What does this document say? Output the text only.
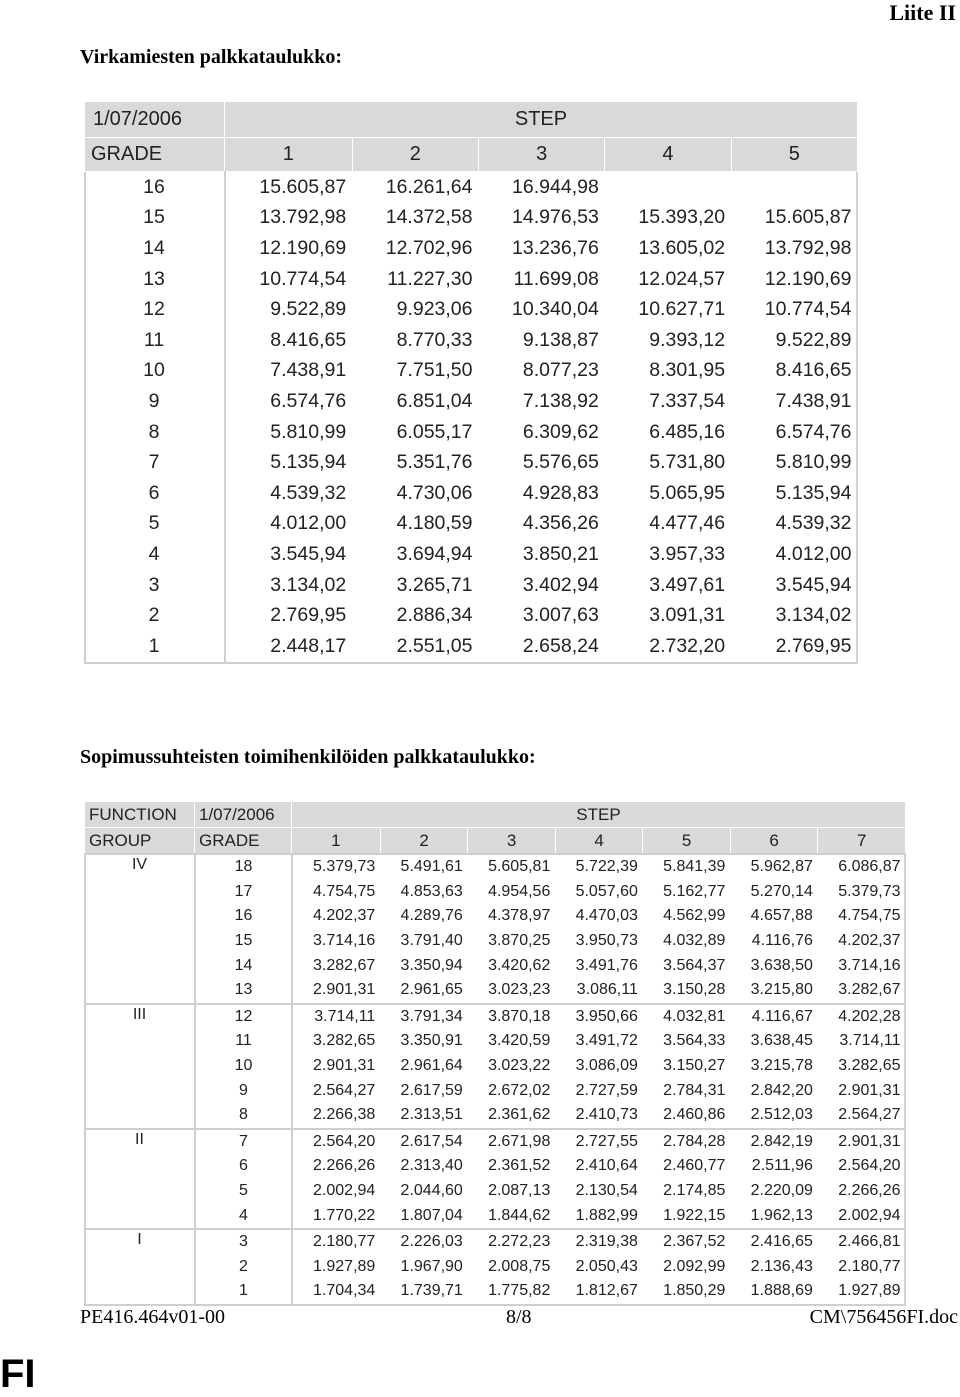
Liite II
Virkamiesten palkkataulukko:
1/07/2006	STEP				
GRADE	1	2	3	4	5
16	15.605,87	16.261,64	16.944,98		
15	13.792,98	14.372,58	14.976,53	15.393,20	15.605,87
14	12.190,69	12.702,96	13.236,76	13.605,02	13.792,98
13	10.774,54	11.227,30	11.699,08	12.024,57	12.190,69
12	9.522,89	9.923,06	10.340,04	10.627,71	10.774,54
11	8.416,65	8.770,33	9.138,87	9.393,12	9.522,89
10	7.438,91	7.751,50	8.077,23	8.301,95	8.416,65
9	6.574,76	6.851,04	7.138,92	7.337,54	7.438,91
8	5.810,99	6.055,17	6.309,62	6.485,16	6.574,76
7	5.135,94	5.351,76	5.576,65	5.731,80	5.810,99
6	4.539,32	4.730,06	4.928,83	5.065,95	5.135,94
5	4.012,00	4.180,59	4.356,26	4.477,46	4.539,32
4	3.545,94	3.694,94	3.850,21	3.957,33	4.012,00
3	3.134,02	3.265,71	3.402,94	3.497,61	3.545,94
2	2.769,95	2.886,34	3.007,63	3.091,31	3.134,02
1	2.448,17	2.551,05	2.658,24	2.732,20	2.769,95
Sopimussuhteisten toimihenkilöiden palkkataulukko:
FUNCTION	1/07/2006	STEP						
GROUP	GRADE	1	2	3	4	5	6	7
IV	18	5.379,73	5.491,61	5.605,81	5.722,39	5.841,39	5.962,87	6.086,87
	17	4.754,75	4.853,63	4.954,56	5.057,60	5.162,77	5.270,14	5.379,73
	16	4.202,37	4.289,76	4.378,97	4.470,03	4.562,99	4.657,88	4.754,75
	15	3.714,16	3.791,40	3.870,25	3.950,73	4.032,89	4.116,76	4.202,37
	14	3.282,67	3.350,94	3.420,62	3.491,76	3.564,37	3.638,50	3.714,16
	13	2.901,31	2.961,65	3.023,23	3.086,11	3.150,28	3.215,80	3.282,67
III	12	3.714,11	3.791,34	3.870,18	3.950,66	4.032,81	4.116,67	4.202,28
	11	3.282,65	3.350,91	3.420,59	3.491,72	3.564,33	3.638,45	3.714,11
	10	2.901,31	2.961,64	3.023,22	3.086,09	3.150,27	3.215,78	3.282,65
	9	2.564,27	2.617,59	2.672,02	2.727,59	2.784,31	2.842,20	2.901,31
	8	2.266,38	2.313,51	2.361,62	2.410,73	2.460,86	2.512,03	2.564,27
II	7	2.564,20	2.617,54	2.671,98	2.727,55	2.784,28	2.842,19	2.901,31
	6	2.266,26	2.313,40	2.361,52	2.410,64	2.460,77	2.511,96	2.564,20
	5	2.002,94	2.044,60	2.087,13	2.130,54	2.174,85	2.220,09	2.266,26
	4	1.770,22	1.807,04	1.844,62	1.882,99	1.922,15	1.962,13	2.002,94
I	3	2.180,77	2.226,03	2.272,23	2.319,38	2.367,52	2.416,65	2.466,81
	2	1.927,89	1.967,90	2.008,75	2.050,43	2.092,99	2.136,43	2.180,77
	1	1.704,34	1.739,71	1.775,82	1.812,67	1.850,29	1.888,69	1.927,89
PE416.464v01-00	8/8	CM\756456FI.doc
FI
